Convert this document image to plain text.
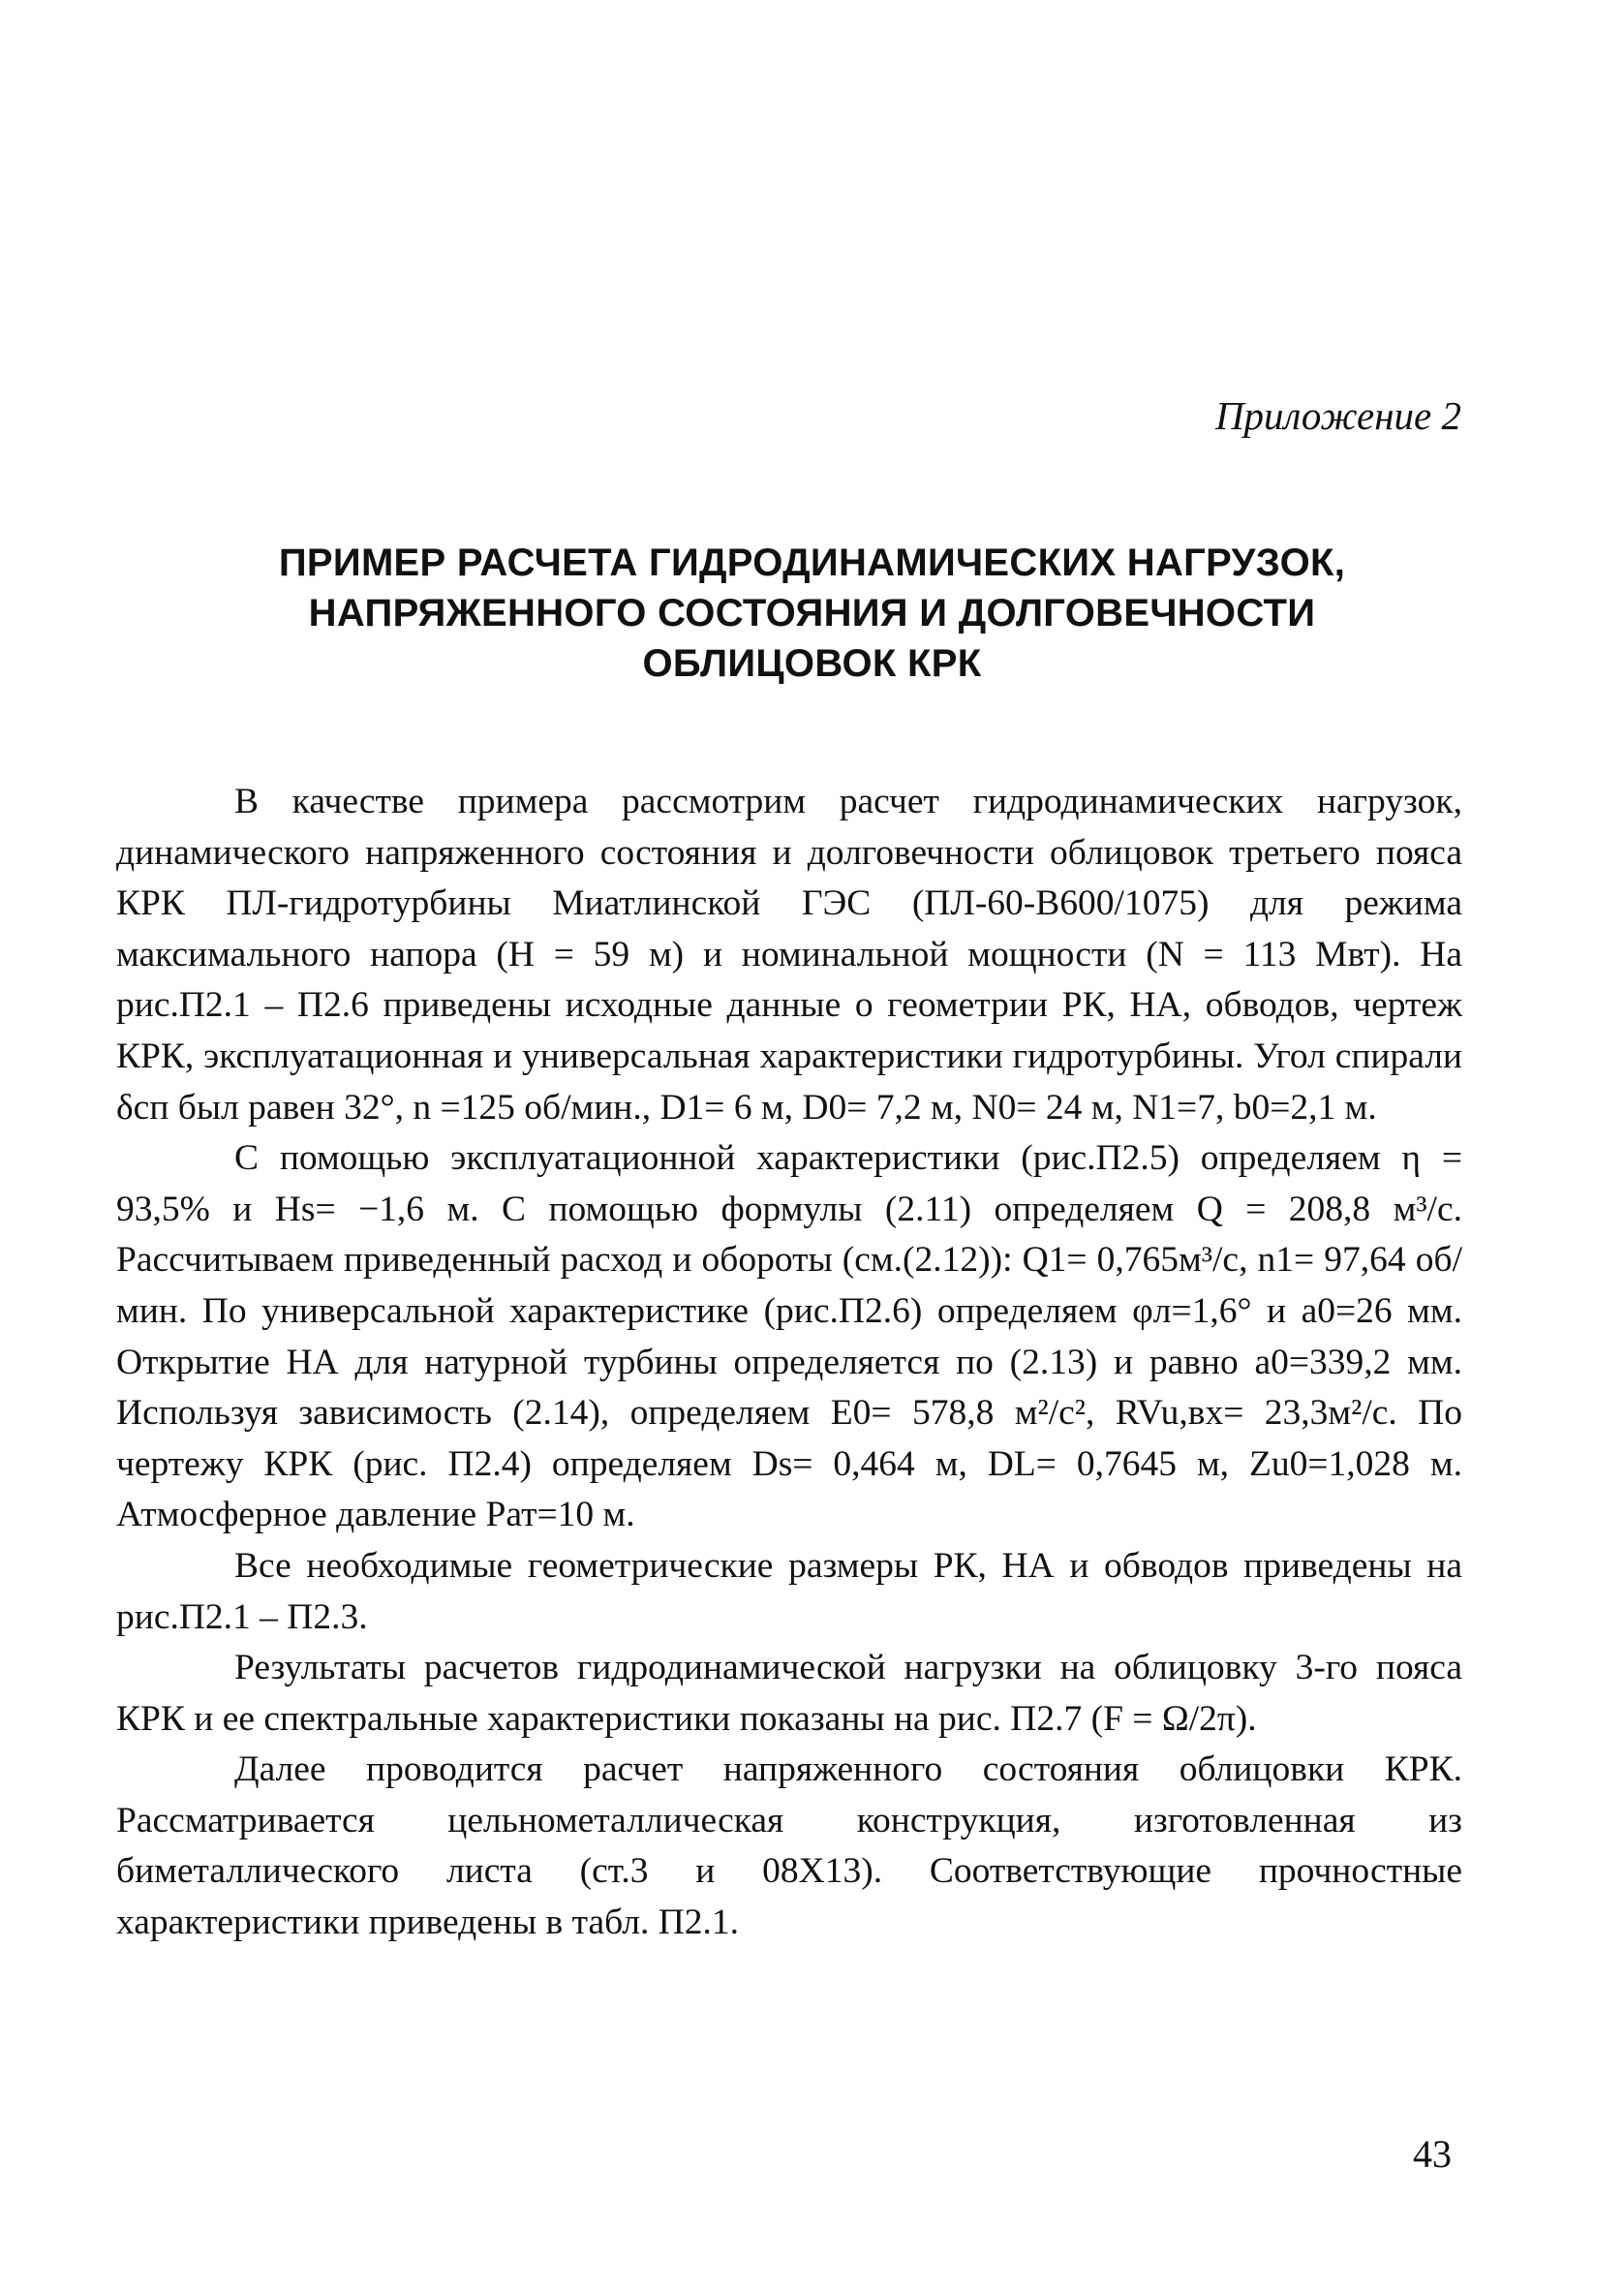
Приложение 2
ПРИМЕР РАСЧЕТА ГИДРОДИНАМИЧЕСКИХ НАГРУЗОК,
НАПРЯЖЕННОГО СОСТОЯНИЯ И ДОЛГОВЕЧНОСТИ
ОБЛИЦОВОК КРК

В качестве примера рассмотрим расчет гидродинамических нагрузок, динамического напряженного состояния и долговечности облицовок третьего пояса КРК ПЛ-гидротурбины Миатлинской ГЭС (ПЛ-60-В600/1075) для режима максимального напора (H = 59 м) и номинальной мощности (N = 113 Мвт). На рис.П2.1 – П2.6 приведены исходные данные о геометрии РК, НА, обводов, чертеж КРК, эксплуатационная и универсальная характеристики гидротурбины. Угол спирали δсп был равен 32°, n =125 об/мин., D1= 6 м, D0= 7,2 м, N0= 24 м, N1=7, b0=2,1 м.

С помощью эксплуатационной характеристики (рис.П2.5) определяем η = 93,5% и Hs= −1,6 м. С помощью формулы (2.11) определяем Q = 208,8 м³/с. Рассчитываем приведенный расход и обороты (см.(2.12)): Q1= 0,765м³/с, n1= 97,64 об/мин. По универсальной характеристике (рис.П2.6) определяем φл=1,6° и a0=26 мм. Открытие НА для натурной турбины определяется по (2.13) и равно a0=339,2 мм. Используя зависимость (2.14), определяем E0= 578,8 м²/с², RVu,вх= 23,3м²/с. По чертежу КРК (рис. П2.4) определяем Ds= 0,464 м, DL= 0,7645 м, Zu0=1,028 м. Атмосферное давление Pат=10 м.

Все необходимые геометрические размеры РК, НА и обводов приведены на рис.П2.1 – П2.3.

Результаты расчетов гидродинамической нагрузки на облицовку 3-го пояса КРК и ее спектральные характеристики показаны на рис. П2.7 (F = Ω/2π).

Далее проводится расчет напряженного состояния облицовки КРК. Рассматривается цельнометаллическая конструкция, изготовленная из биметаллического листа (ст.3 и 08Х13). Соответствующие прочностные характеристики приведены в табл. П2.1.

43
